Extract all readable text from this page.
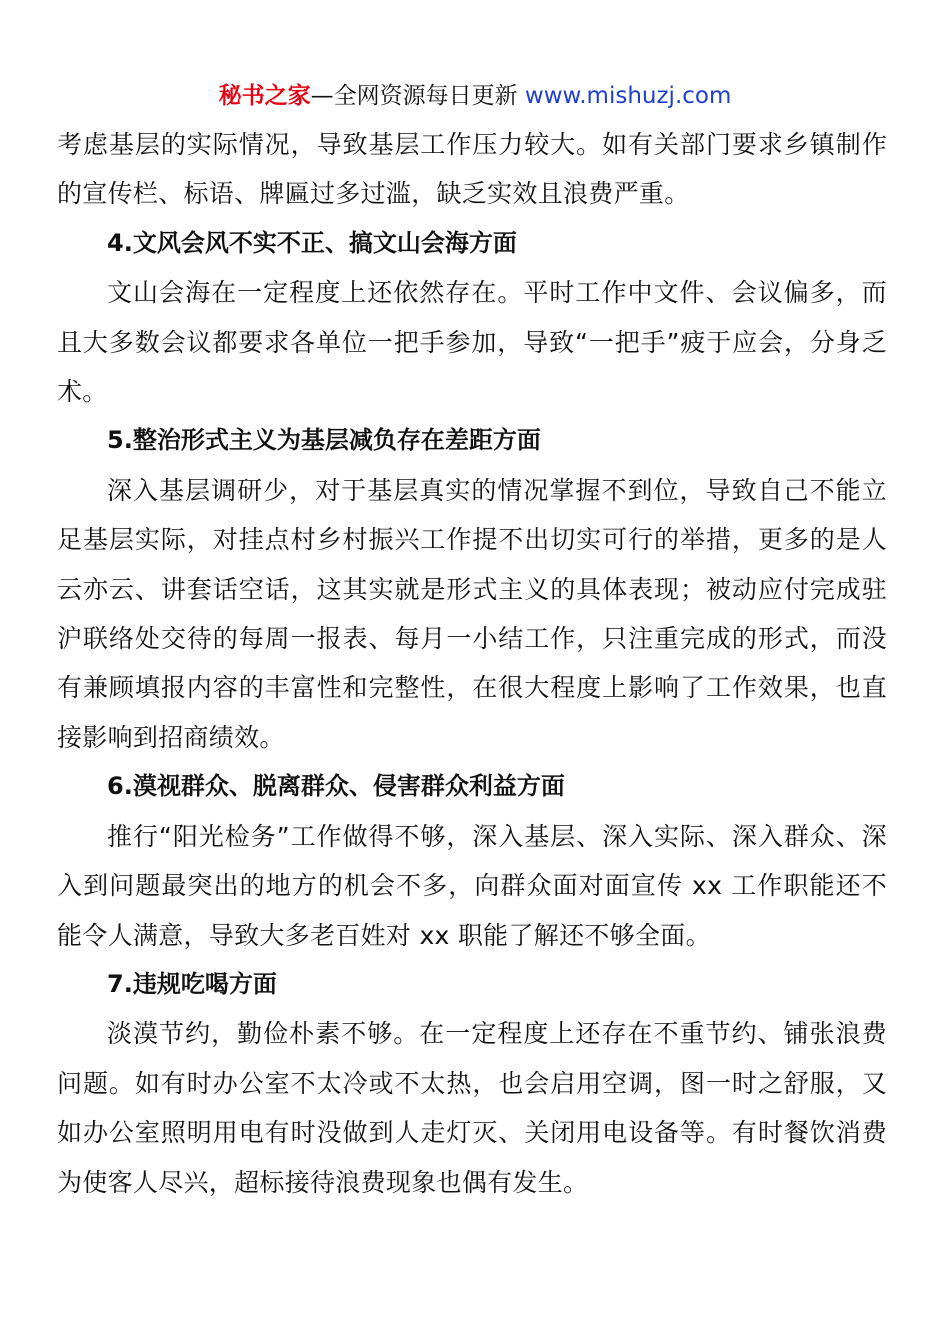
秘书之家—全网资源每日更新 www.mishuzj.com

考虑基层的实际情况，导致基层工作压力较大。如有关部门要求乡镇制作的宣传栏、标语、牌匾过多过滥，缺乏实效且浪费严重。

4.文风会风不实不正、搞文山会海方面

文山会海在一定程度上还依然存在。平时工作中文件、会议偏多，而且大多数会议都要求各单位一把手参加，导致“一把手”疲于应会，分身乏术。

5.整治形式主义为基层减负存在差距方面

深入基层调研少，对于基层真实的情况掌握不到位，导致自己不能立足基层实际，对挂点村乡村振兴工作提不出切实可行的举措，更多的是人云亦云、讲套话空话，这其实就是形式主义的具体表现；被动应付完成驻沪联络处交待的每周一报表、每月一小结工作，只注重完成的形式，而没有兼顾填报内容的丰富性和完整性，在很大程度上影响了工作效果，也直接影响到招商绩效。

6.漠视群众、脱离群众、侵害群众利益方面

推行“阳光检务”工作做得不够，深入基层、深入实际、深入群众、深入到问题最突出的地方的机会不多，向群众面对面宣传 xx 工作职能还不能令人满意，导致大多老百姓对 xx 职能了解还不够全面。

7.违规吃喝方面

淡漠节约，勤俭朴素不够。在一定程度上还存在不重节约、铺张浪费问题。如有时办公室不太冷或不太热，也会启用空调，图一时之舒服，又如办公室照明用电有时没做到人走灯灭、关闭用电设备等。有时餐饮消费为使客人尽兴，超标接待浪费现象也偶有发生。
